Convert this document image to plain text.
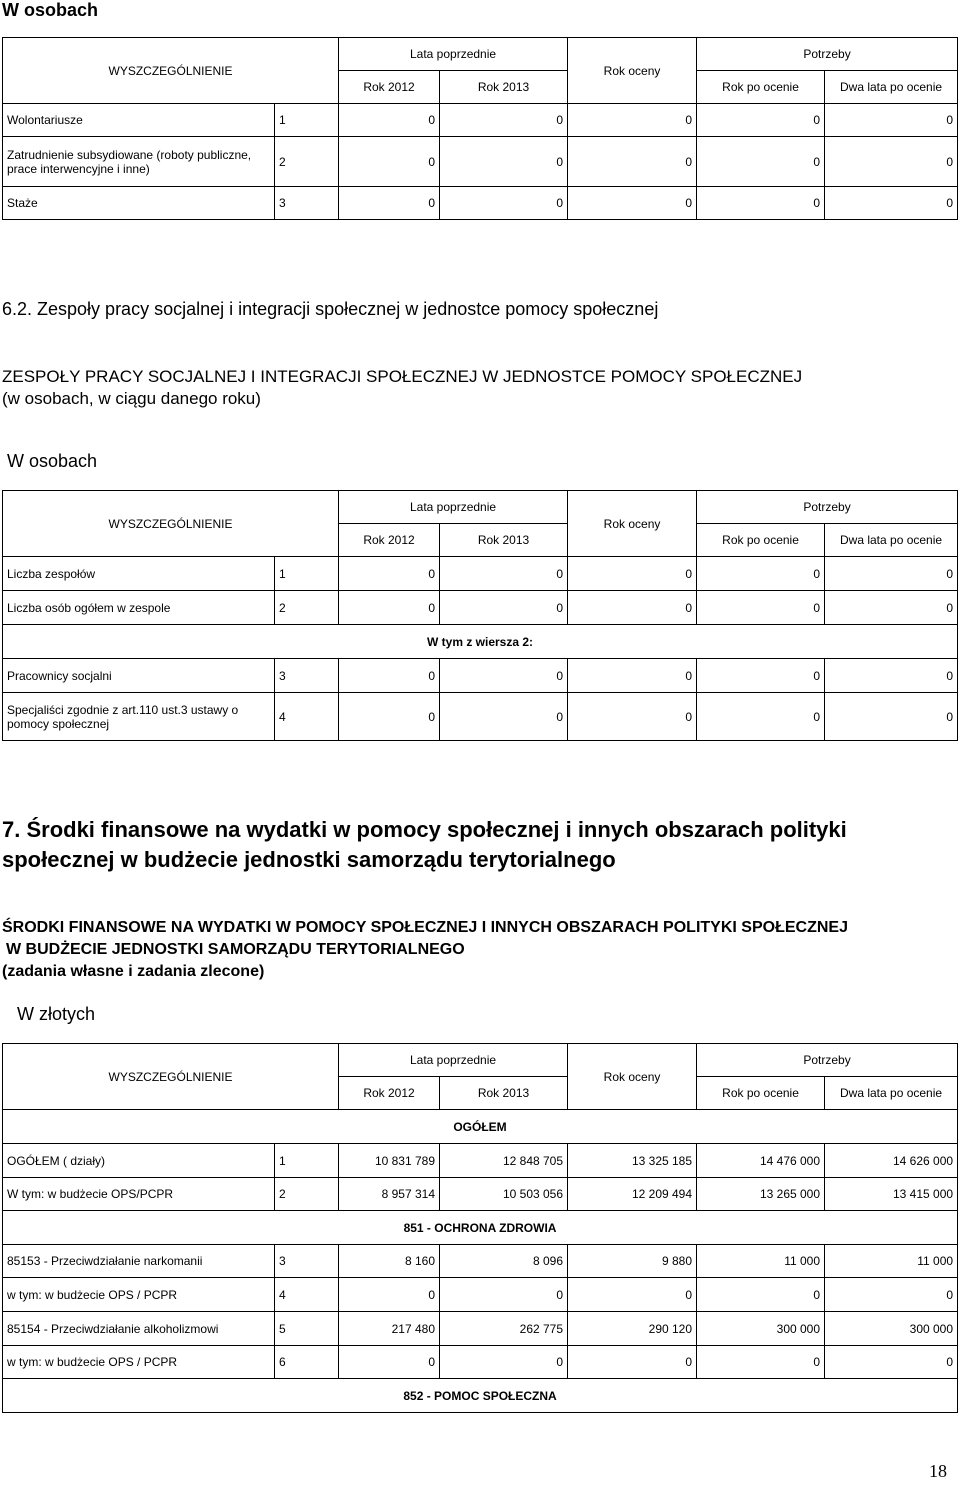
W osobach
WYSZCZEGÓLNIENIE		Lata poprzednie		Rok oceny	Potrzeby	
		Rok 2012	Rok 2013		Rok po ocenie	Dwa lata po ocenie
Wolontariusze	1	0	0	0	0	0
Zatrudnienie subsydiowane (roboty publiczne, prace interwencyjne i inne)	2	0	0	0	0	0
Staże	3	0	0	0	0	0
6.2. Zespoły pracy socjalnej i integracji społecznej w jednostce pomocy społecznej
ZESPOŁY PRACY SOCJALNEJ I INTEGRACJI SPOŁECZNEJ W JEDNOSTCE POMOCY SPOŁECZNEJ
(w osobach, w ciągu danego roku)
W osobach
WYSZCZEGÓLNIENIE		Lata poprzednie		Rok oceny	Potrzeby	
		Rok 2012	Rok 2013		Rok po ocenie	Dwa lata po ocenie
Liczba zespołów	1	0	0	0	0	0
Liczba osób ogółem w zespole	2	0	0	0	0	0
W tym z wiersza 2:						
Pracownicy socjalni	3	0	0	0	0	0
Specjaliści zgodnie z art.110 ust.3 ustawy o pomocy społecznej	4	0	0	0	0	0
7. Środki finansowe na wydatki w pomocy społecznej i innych obszarach polityki społecznej w budżecie jednostki samorządu terytorialnego
ŚRODKI FINANSOWE NA WYDATKI W POMOCY SPOŁECZNEJ I INNYCH OBSZARACH POLITYKI SPOŁECZNEJ
W BUDŻECIE JEDNOSTKI SAMORZĄDU TERYTORIALNEGO
(zadania własne i zadania zlecone)
W złotych
WYSZCZEGÓLNIENIE		Lata poprzednie		Rok oceny	Potrzeby	
		Rok 2012	Rok 2013		Rok po ocenie	Dwa lata po ocenie
OGÓŁEM						
OGÓŁEM ( działy)	1	10 831 789	12 848 705	13 325 185	14 476 000	14 626 000
W tym: w budżecie OPS/PCPR	2	8 957 314	10 503 056	12 209 494	13 265 000	13 415 000
851 - OCHRONA ZDROWIA						
85153 - Przeciwdziałanie narkomanii	3	8 160	8 096	9 880	11 000	11 000
w tym: w budżecie OPS / PCPR	4	0	0	0	0	0
85154 - Przeciwdziałanie alkoholizmowi	5	217 480	262 775	290 120	300 000	300 000
w tym: w budżecie OPS / PCPR	6	0	0	0	0	0
852 - POMOC SPOŁECZNA						
18
